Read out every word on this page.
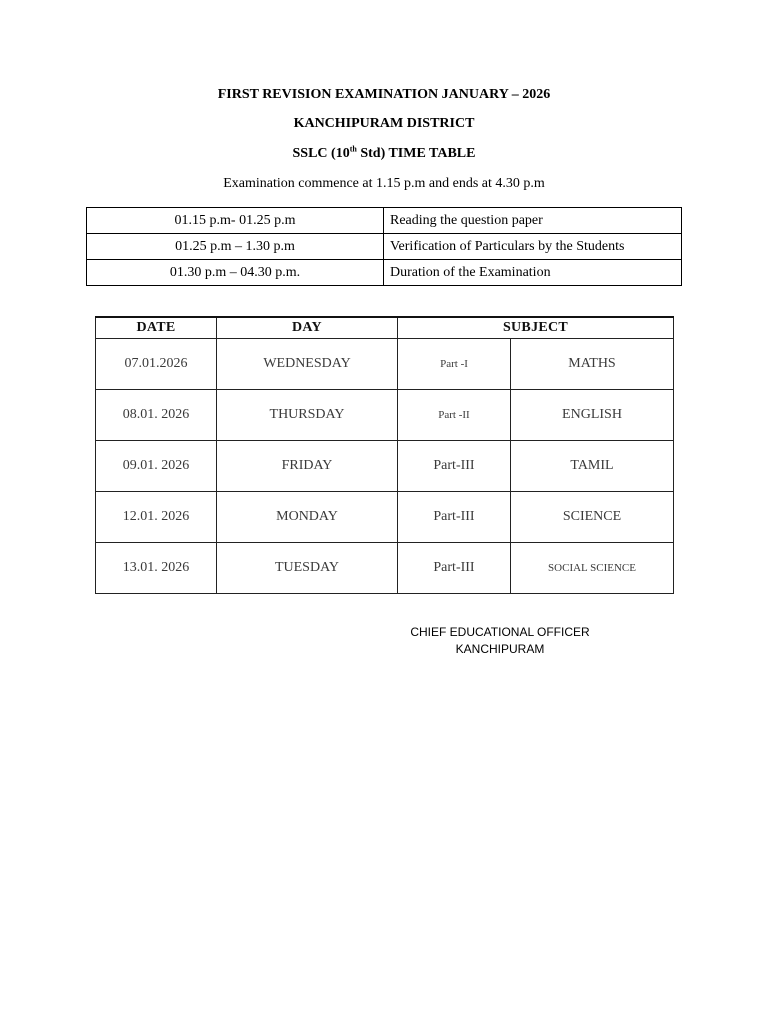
FIRST REVISION EXAMINATION JANUARY – 2026
KANCHIPURAM DISTRICT
SSLC (10th Std) TIME TABLE
Examination commence at 1.15 p.m and ends at 4.30 p.m
01.15 p.m- 01.25 p.m	Reading the question paper
01.25 p.m – 1.30 p.m	Verification of Particulars by the Students
01.30 p.m – 04.30 p.m.	Duration of the Examination
DATE	DAY	SUBJECT	
07.01.2026	WEDNESDAY	Part -I	MATHS
08.01. 2026	THURSDAY	Part -II	ENGLISH
09.01. 2026	FRIDAY	Part-III	TAMIL
12.01. 2026	MONDAY	Part-III	SCIENCE
13.01. 2026	TUESDAY	Part-III	SOCIAL SCIENCE
CHIEF EDUCATIONAL OFFICER
KANCHIPURAM
